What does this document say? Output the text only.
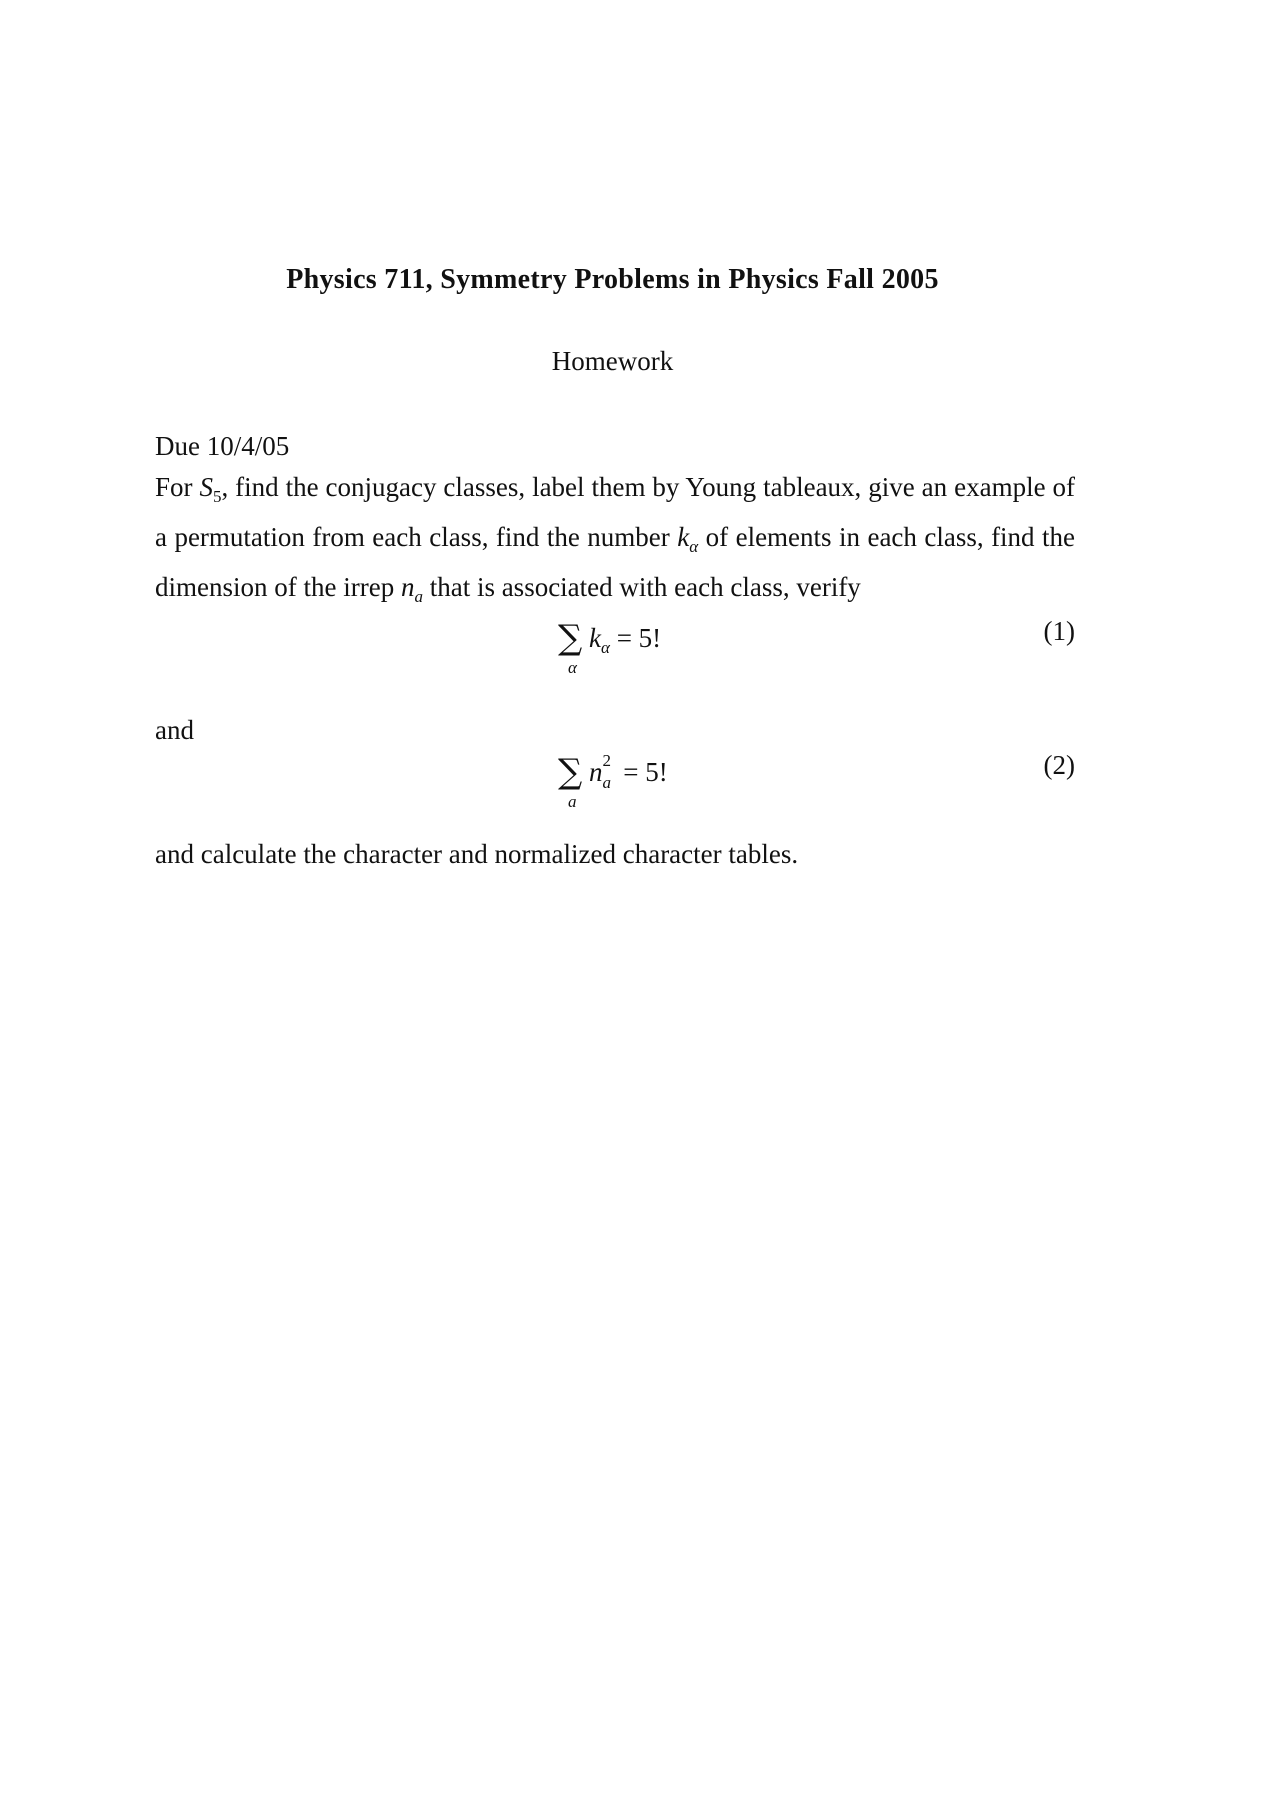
Physics 711, Symmetry Problems in Physics Fall 2005
Homework
Due 10/4/05
For $S_5$, find the conjugacy classes, label them by Young tableaux, give an example of a permutation from each class, find the number $k_\alpha$ of elements in each class, find the dimension of the irrep $n_a$ that is associated with each class, verify
∑
α
$k_\alpha = 5$!	(1)
and
∑
a
n 2
a = 5!	(2)
and calculate the character and normalized character tables.
